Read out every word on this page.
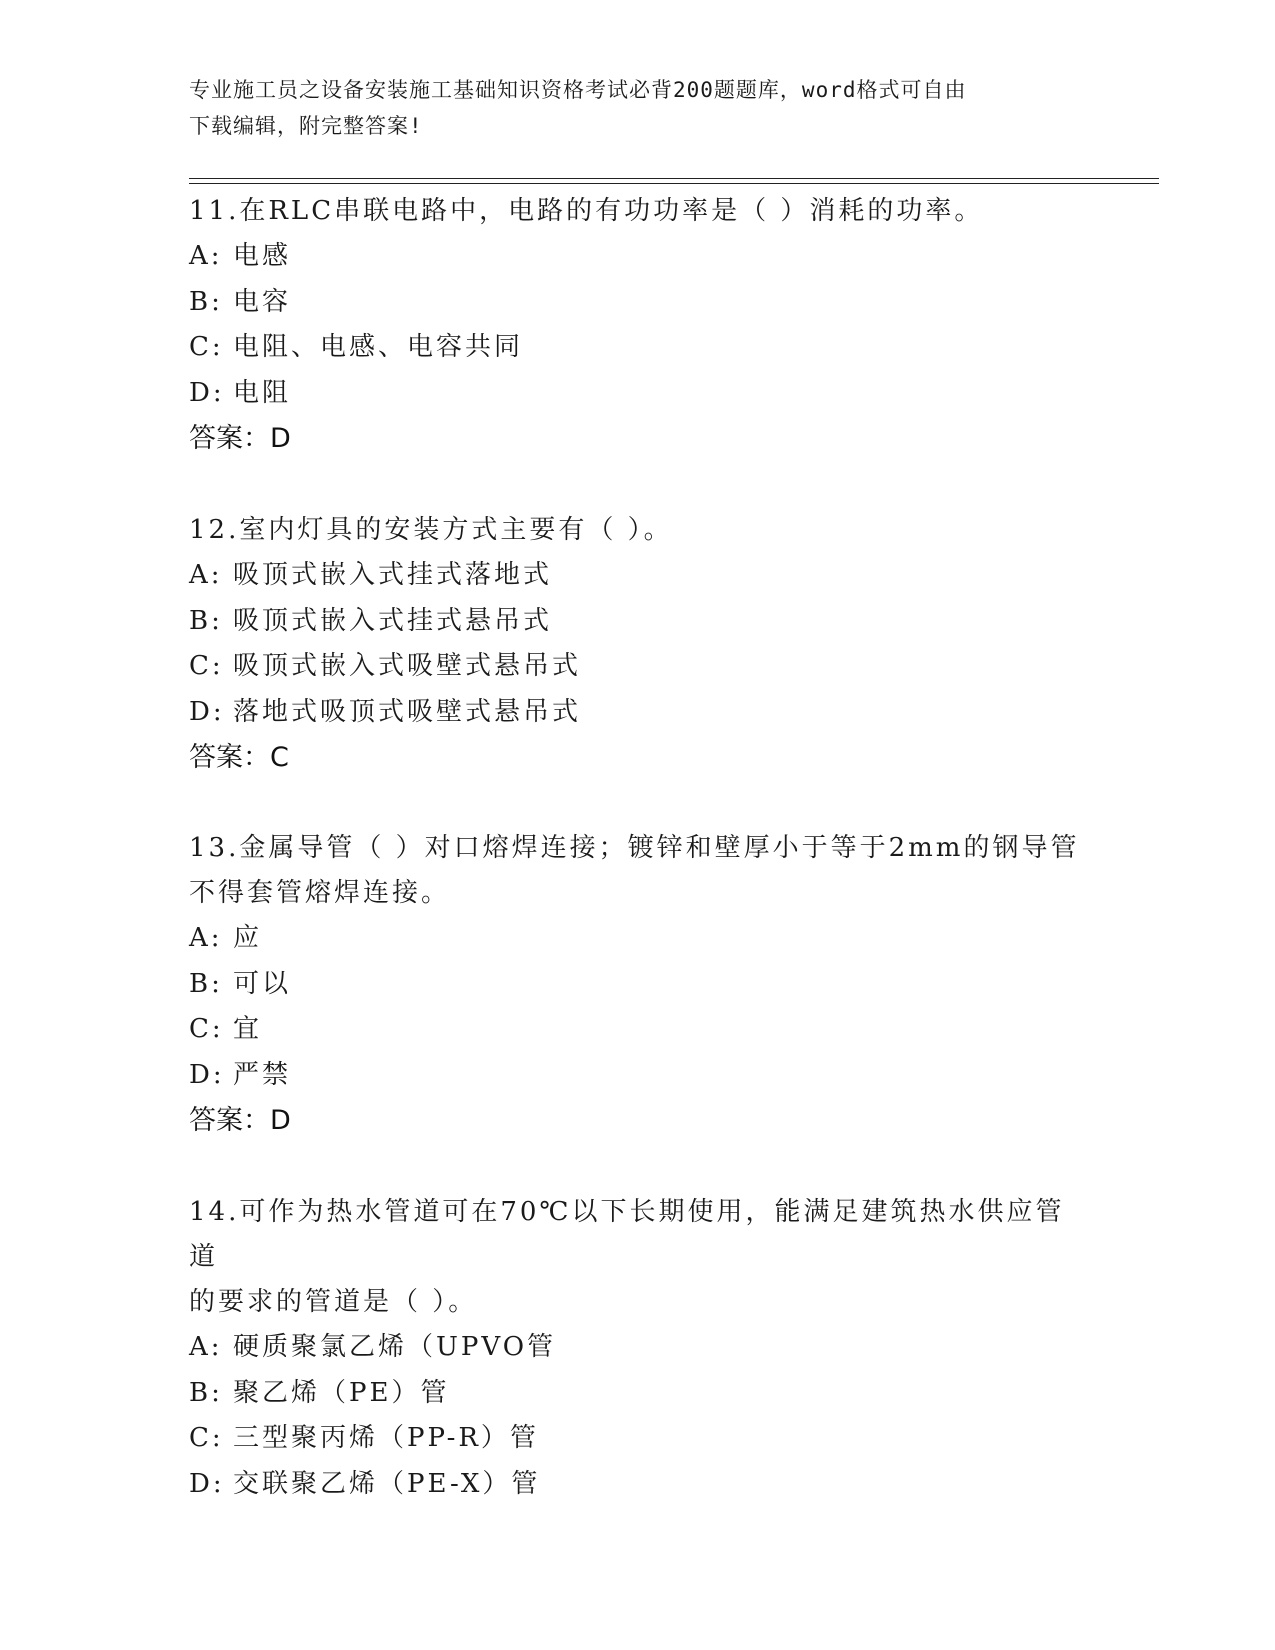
专业施工员之设备安装施工基础知识资格考试必背200题题库，word格式可自由
下载编辑，附完整答案!
11.在RLC串联电路中，电路的有功功率是（ ）消耗的功率。
A: 电感
B: 电容
C: 电阻、电感、电容共同
D: 电阻
答案：D
12.室内灯具的安装方式主要有（ ）。
A: 吸顶式嵌入式挂式落地式
B: 吸顶式嵌入式挂式悬吊式
C: 吸顶式嵌入式吸壁式悬吊式
D: 落地式吸顶式吸壁式悬吊式
答案：C
13.金属导管（ ）对口熔焊连接；镀锌和壁厚小于等于2mm的钢导管
不得套管熔焊连接。
A: 应
B: 可以
C: 宜
D: 严禁
答案：D
14.可作为热水管道可在70℃以下长期使用，能满足建筑热水供应管道
的要求的管道是（ ）。
A: 硬质聚氯乙烯（UPVO管
B: 聚乙烯（PE）管
C: 三型聚丙烯（PP-R）管
D: 交联聚乙烯（PE-X）管
